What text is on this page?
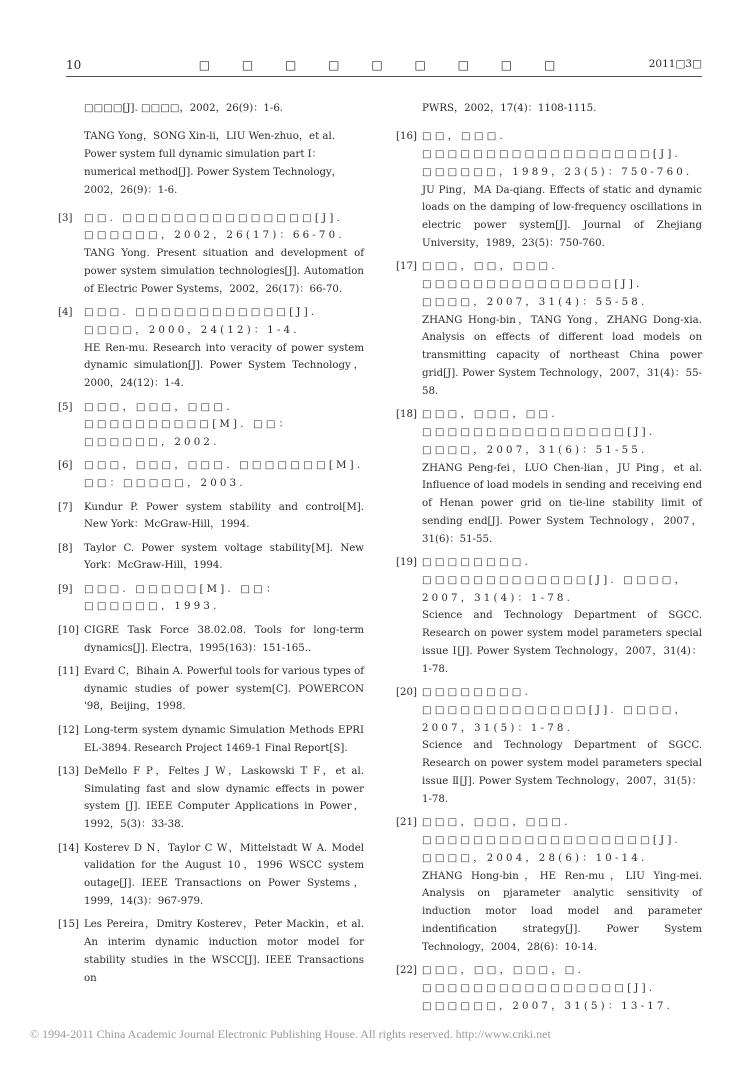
10	□ □ □ □ □ □ □ □ □	2011□3□

□□□□[J]. □□□□，2002，26(9)：1-6.

TANG Yong，SONG Xin-li，LIU Wen-zhuo，et al. Power system full dynamic simulation part Ⅰ：numerical method[J]. Power System Technology，2002，26(9)：1-6.

[3] □□. □□□□□□□□□□□□□□□[J]. □□□□□□，2002，26(17)：66-70.

TANG Yong. Present situation and development of power system simulation technologies[J]. Automation of Electric Power Systems，2002，26(17)：66-70.

[4] □□□. □□□□□□□□□□□□[J]. □□□□，2000，24(12)：1-4.

HE Ren-mu. Research into veracity of power system dynamic simulation[J]. Power System Technology，2000，24(12)：1-4.

[5] □□□，□□□，□□□. □□□□□□□□□□[M]. □□：□□□□□□，2002.

[6] □□□，□□□，□□□. □□□□□□□[M]. □□：□□□□□，2003.

[7] Kundur P. Power system stability and control[M]. New York：McGraw-Hill，1994.

[8] Taylor C. Power system voltage stability[M]. New York：McGraw-Hill，1994.

[9] □□□. □□□□□[M]. □□：□□□□□□，1993.

[10] CIGRE Task Force 38.02.08. Tools for long-term dynamics[J]. Electra，1995(163)：151-165..

[11] Evard C，Bihain A. Powerful tools for various types of dynamic studies of power system[C]. POWERCON '98，Beijing，1998.

[12] Long-term system dynamic Simulation Methods EPRI EL-3894. Research Project 1469-1 Final Report[S].

[13] DeMello F P，Feltes J W，Laskowski T F，et al. Simulating fast and slow dynamic effects in power system [J]. IEEE Computer Applications in Power，1992，5(3)：33-38.

[14] Kosterev D N，Taylor C W，Mittelstadt W A. Model validation for the August 10，1996 WSCC system outage[J]. IEEE Transactions on Power Systems，1999，14(3)：967-979.

[15] Les Pereira，Dmitry Kosterev，Peter Mackin，et al. An interim dynamic induction motor model for stability studies in the WSCC[J]. IEEE Transactions on

PWRS，2002，17(4)：1108-1115.

[16] □□，□□□. □□□□□□□□□□□□□□□□□□[J]. □□□□□□，1989，23(5)：750-760.

JU Ping，MA Da-qiang. Effects of static and dynamic loads on the damping of low-frequency oscillations in electric power system[J]. Journal of Zhejiang University，1989，23(5)：750-760.

[17] □□□，□□，□□□. □□□□□□□□□□□□□□□[J]. □□□□，2007，31(4)：55-58.

ZHANG Hong-bin，TANG Yong，ZHANG Dong-xia. Analysis on effects of different load models on transmitting capacity of northeast China power grid[J]. Power System Technology，2007，31(4)：55-58.

[18] □□□，□□□，□□. □□□□□□□□□□□□□□□□[J]. □□□□，2007，31(6)：51-55.

ZHANG Peng-fei，LUO Chen-lian，JU Ping，et al. Influence of load models in sending and receiving end of Henan power grid on tie-line stability limit of sending end[J]. Power System Technology，2007，31(6)：51-55.

[19] □□□□□□□□. □□□□□□□□□□□□□[J]. □□□□，2007，31(4)：1-78.

Science and Technology Department of SGCC. Research on power system model parameters special issue Ⅰ[J]. Power System Technology，2007，31(4)：1-78.

[20] □□□□□□□□. □□□□□□□□□□□□□[J]. □□□□，2007，31(5)：1-78.

Science and Technology Department of SGCC. Research on power system model parameters special issue Ⅱ[J]. Power System Technology，2007，31(5)：1-78.

[21] □□□，□□□，□□□. □□□□□□□□□□□□□□□□□□[J]. □□□□，2004，28(6)：10-14.

ZHANG Hong-bin，HE Ren-mu，LIU Ying-mei. Analysis on pjarameter analytic sensitivity of induction motor load model and parameter indentification strategy[J]. Power System Technology，2004，28(6)：10-14.

[22] □□□，□□，□□□，□. □□□□□□□□□□□□□□□□[J]. □□□□□□，2007，31(5)：13-17.

© 1994-2011 China Academic Journal Electronic Publishing House. All rights reserved. http://www.cnki.net
